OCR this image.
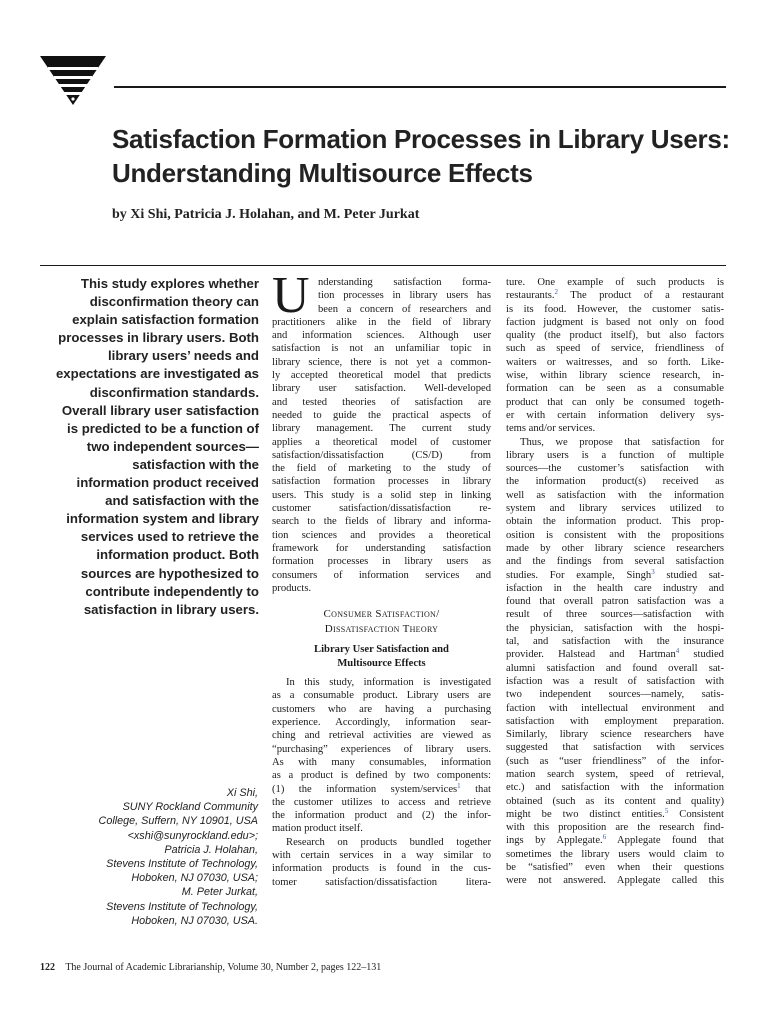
Satisfaction Formation Processes in Library Users:
Understanding Multisource Effects
by Xi Shi, Patricia J. Holahan, and M. Peter Jurkat
This study explores whether
disconfirmation theory can
explain satisfaction formation
processes in library users. Both
library users’ needs and
expectations are investigated as
disconfirmation standards.
Overall library user satisfaction
is predicted to be a function of
two independent sources—
satisfaction with the
information product received
and satisfaction with the
information system and library
services used to retrieve the
information product. Both
sources are hypothesized to
contribute independently to
satisfaction in library users.
Xi Shi,
SUNY Rockland Community
College, Suffern, NY 10901, USA
<xshi@sunyrockland.edu>;
Patricia J. Holahan,
Stevens Institute of Technology,
Hoboken, NJ 07030, USA;
M. Peter Jurkat,
Stevens Institute of Technology,
Hoboken, NJ 07030, USA.
U nderstanding satisfaction forma-
tion processes in library users has
been a concern of researchers and
practitioners alike in the field of library
and information sciences. Although user
satisfaction is not an unfamiliar topic in
library science, there is not yet a common-
ly accepted theoretical model that predicts
library user satisfaction. Well-developed
and tested theories of satisfaction are
needed to guide the practical aspects of
library management. The current study
applies a theoretical model of customer
satisfaction/dissatisfaction (CS/D) from
the field of marketing to the study of
satisfaction formation processes in library
users. This study is a solid step in linking
customer satisfaction/dissatisfaction re-
search to the fields of library and informa-
tion sciences and provides a theoretical
framework for understanding satisfaction
formation processes in library users as
consumers of information services and
products.
Consumer Satisfaction/
Dissatisfaction Theory
Library User Satisfaction and
Multisource Effects
In this study, information is investigated
as a consumable product. Library users are
customers who are having a purchasing
experience. Accordingly, information sear-
ching and retrieval activities are viewed as
“purchasing” experiences of library users.
As with many consumables, information
as a product is defined by two components:
(1) the information system/services$^1$ that
the customer utilizes to access and retrieve
the information product and (2) the infor-
mation product itself.
Research on products bundled together
with certain services in a way similar to
information products is found in the cus-
tomer satisfaction/dissatisfaction litera-
ture. One example of such products is
restaurants.$^2$ The product of a restaurant
is its food. However, the customer satis-
faction judgment is based not only on food
quality (the product itself), but also factors
such as speed of service, friendliness of
waiters or waitresses, and so forth. Like-
wise, within library science research, in-
formation can be seen as a consumable
product that can only be consumed togeth-
er with certain information delivery sys-
tems and/or services.
Thus, we propose that satisfaction for
library users is a function of multiple
sources—the customer’s satisfaction with
the information product(s) received as
well as satisfaction with the information
system and library services utilized to
obtain the information product. This prop-
osition is consistent with the propositions
made by other library science researchers
and the findings from several satisfaction
studies. For example, Singh$^3$ studied sat-
isfaction in the health care industry and
found that overall patron satisfaction was a
result of three sources—satisfaction with
the physician, satisfaction with the hospi-
tal, and satisfaction with the insurance
provider. Halstead and Hartman$^4$ studied
alumni satisfaction and found overall sat-
isfaction was a result of satisfaction with
two independent sources—namely, satis-
faction with intellectual environment and
satisfaction with employment preparation.
Similarly, library science researchers have
suggested that satisfaction with services
(such as “user friendliness” of the infor-
mation search system, speed of retrieval,
etc.) and satisfaction with the information
obtained (such as its content and quality)
might be two distinct entities.$^5$ Consistent
with this proposition are the research find-
ings by Applegate.$^6$ Applegate found that
sometimes the library users would claim to
be “satisfied” even when their questions
were not answered. Applegate called this
122 The Journal of Academic Librarianship, Volume 30, Number 2, pages 122–131
